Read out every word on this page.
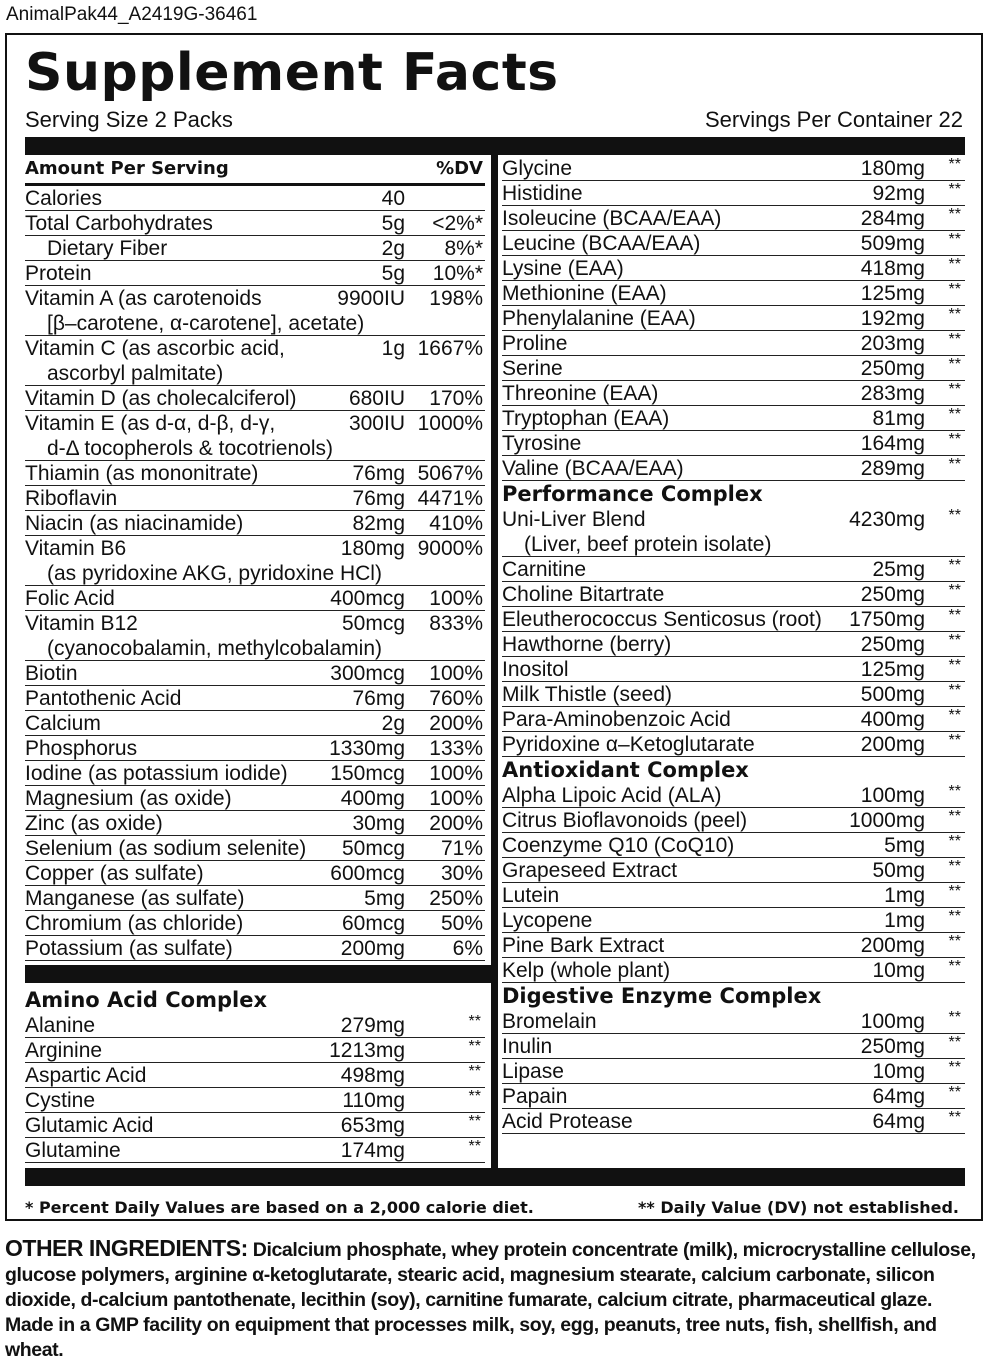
AnimalPak44_A2419G-36461
Supplement Facts
Serving Size 2 Packs	Servings Per Container 22
Amount Per Serving	%DV
Calories	40
Total Carbohydrates	5g <2%*
Dietary Fiber	2g 8%*
Protein	5g 10%*
Vitamin A (as carotenoids	9900IU 198%
[β–carotene, α-carotene], acetate)
Vitamin C (as ascorbic acid,	1g 1667%
ascorbyl palmitate)
Vitamin D (as cholecalciferol) 680IU 170%
Vitamin E (as d-α, d-β, d-γ,	300IU 1000%
d-Δ tocopherols & tocotrienols)
Thiamin (as mononitrate)	76mg 5067%
Riboflavin	76mg 4471%
Niacin (as niacinamide)	82mg 410%
Vitamin B6	180mg 9000%
(as pyridoxine AKG, pyridoxine HCl)
Folic Acid	400mcg 100%
Vitamin B12	50mcg 833%
(cyanocobalamin, methylcobalamin)
Biotin	300mcg 100%
Pantothenic Acid	76mg 760%
Calcium	2g 200%
Phosphorus	1330mg 133%
Iodine (as potassium iodide) 150mcg 100%
Magnesium (as oxide)	400mg 100%
Zinc (as oxide)	30mg 200%
Selenium (as sodium selenite) 50mcg 71%
Copper (as sulfate)	600mcg 30%
Manganese (as sulfate)	5mg 250%
Chromium (as chloride)	60mcg 50%
Potassium (as sulfate)	200mg 6%
Amino Acid Complex
Alanine	279mg	**
Arginine	1213mg	**
Aspartic Acid	498mg	**
Cystine	110mg	**
Glutamic Acid	653mg	**
Glutamine	174mg	**
Glycine	180mg **
Histidine	92mg **
Isoleucine (BCAA/EAA)	284mg **
Leucine (BCAA/EAA)	509mg **
Lysine (EAA)	418mg **
Methionine (EAA)	125mg **
Phenylalanine (EAA)	192mg **
Proline	203mg **
Serine	250mg **
Threonine (EAA)	283mg **
Tryptophan (EAA)	81mg **
Tyrosine	164mg **
Valine (BCAA/EAA)	289mg **
Performance Complex
Uni-Liver Blend	4230mg **
(Liver, beef protein isolate)
Carnitine	25mg **
Choline Bitartrate	250mg **
Eleutherococcus Senticosus (root) 1750mg **
Hawthorne (berry)	250mg **
Inositol	125mg **
Milk Thistle (seed)	500mg **
Para-Aminobenzoic Acid	400mg **
Pyridoxine α–Ketoglutarate	200mg **
Antioxidant Complex
Alpha Lipoic Acid (ALA)	100mg **
Citrus Bioflavonoids (peel)	1000mg **
Coenzyme Q10 (CoQ10)	5mg **
Grapeseed Extract	50mg **
Lutein	1mg **
Lycopene	1mg **
Pine Bark Extract	200mg **
Kelp (whole plant)	10mg **
Digestive Enzyme Complex
Bromelain	100mg **
Inulin	250mg **
Lipase	10mg **
Papain	64mg **
Acid Protease	64mg **
* Percent Daily Values are based on a 2,000 calorie diet.	** Daily Value (DV) not established.
OTHER INGREDIENTS: Dicalcium phosphate, whey protein concentrate (milk), microcrystalline cellulose, glucose polymers, arginine α-ketoglutarate, stearic acid, magnesium stearate, calcium carbonate, silicon dioxide, d-calcium pantothenate, lecithin (soy), carnitine fumarate, calcium citrate, pharmaceutical glaze. Made in a GMP facility on equipment that processes milk, soy, egg, peanuts, tree nuts, fish, shellfish, and wheat.
